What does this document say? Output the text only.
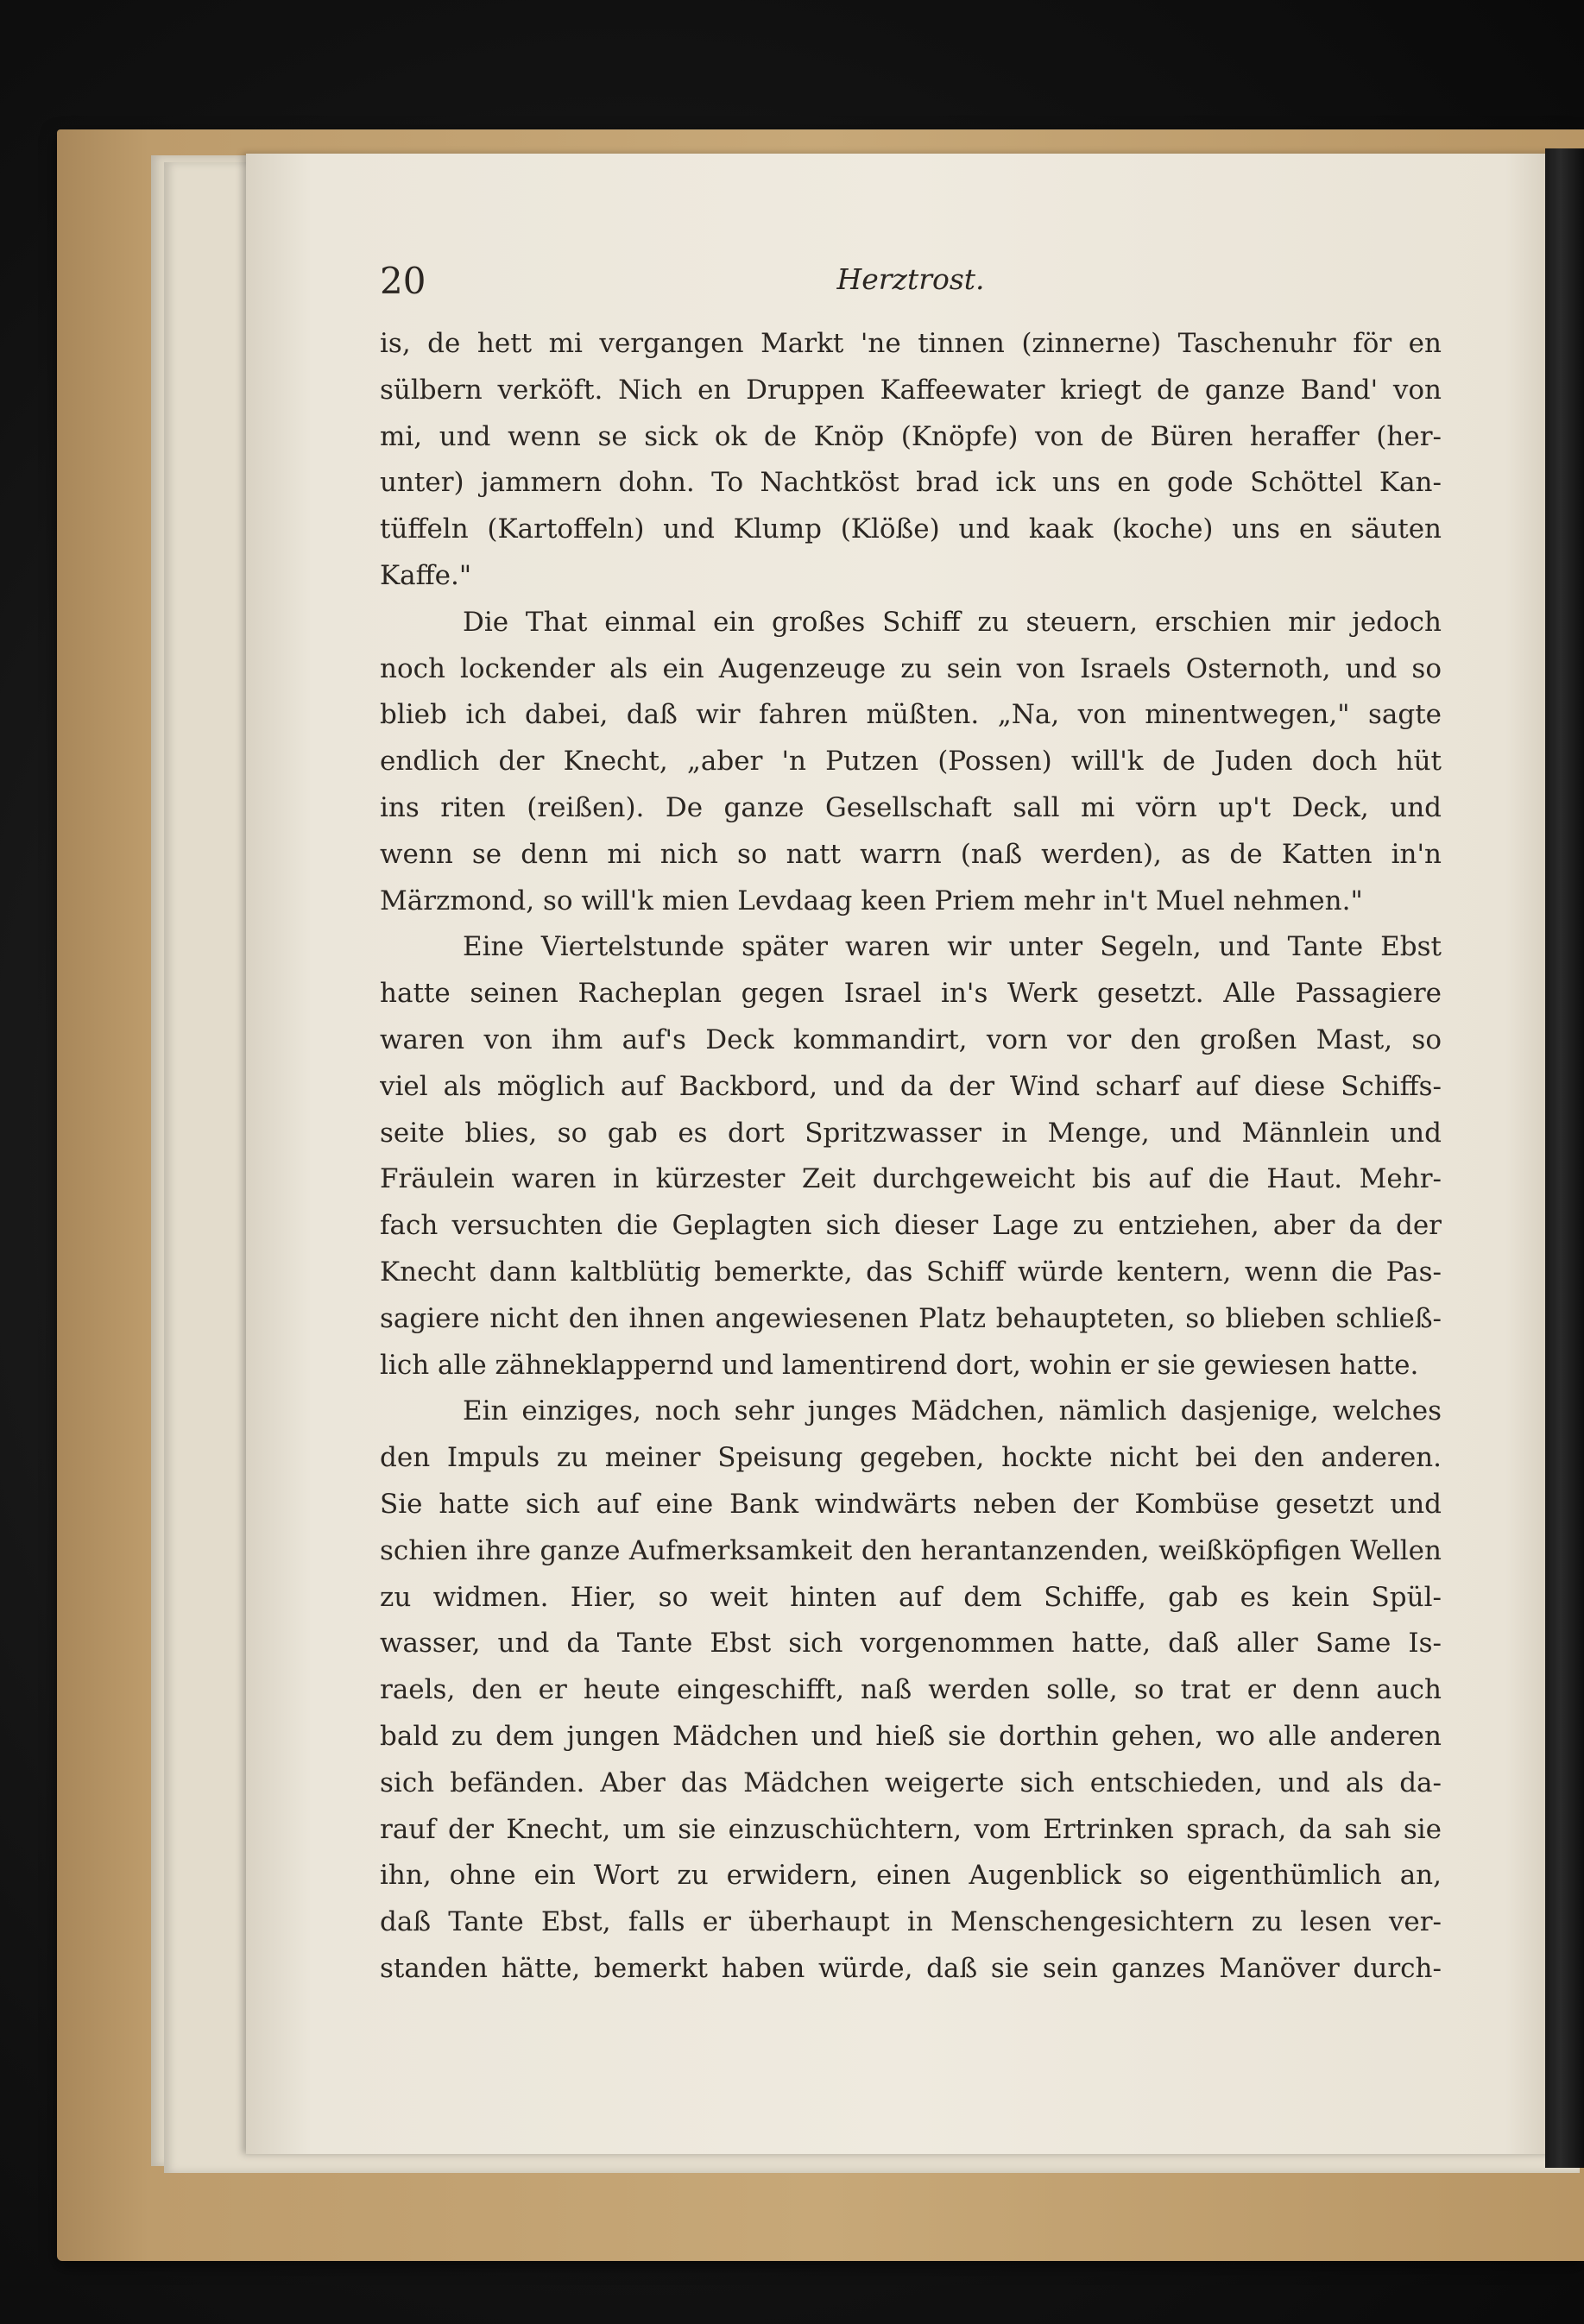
20	Herztrost.
is, de hett mi vergangen Markt 'ne tinnen (zinnerne) Taschenuhr för en
sülbern verköft. Nich en Druppen Kaffeewater kriegt de ganze Band' von
mi, und wenn se sick ok de Knöp (Knöpfe) von de Büren heraffer (her-
unter) jammern dohn. To Nachtköst brad ick uns en gode Schöttel Kan-
tüffeln (Kartoffeln) und Klump (Klöße) und kaak (koche) uns en säuten
Kaffe."
Die That einmal ein großes Schiff zu steuern, erschien mir jedoch
noch lockender als ein Augenzeuge zu sein von Israels Osternoth, und so
blieb ich dabei, daß wir fahren müßten. „Na, von minentwegen," sagte
endlich der Knecht, „aber 'n Putzen (Possen) will'k de Juden doch hüt
ins riten (reißen). De ganze Gesellschaft sall mi vörn up't Deck, und
wenn se denn mi nich so natt warrn (naß werden), as de Katten in'n
Märzmond, so will'k mien Levdaag keen Priem mehr in't Muel nehmen."
Eine Viertelstunde später waren wir unter Segeln, und Tante Ebst
hatte seinen Racheplan gegen Israel in's Werk gesetzt. Alle Passagiere
waren von ihm auf's Deck kommandirt, vorn vor den großen Mast, so
viel als möglich auf Backbord, und da der Wind scharf auf diese Schiffs-
seite blies, so gab es dort Spritzwasser in Menge, und Männlein und
Fräulein waren in kürzester Zeit durchgeweicht bis auf die Haut. Mehr-
fach versuchten die Geplagten sich dieser Lage zu entziehen, aber da der
Knecht dann kaltblütig bemerkte, das Schiff würde kentern, wenn die Pas-
sagiere nicht den ihnen angewiesenen Platz behaupteten, so blieben schließ-
lich alle zähneklappernd und lamentirend dort, wohin er sie gewiesen hatte.
Ein einziges, noch sehr junges Mädchen, nämlich dasjenige, welches
den Impuls zu meiner Speisung gegeben, hockte nicht bei den anderen.
Sie hatte sich auf eine Bank windwärts neben der Kombüse gesetzt und
schien ihre ganze Aufmerksamkeit den herantanzenden, weißköpfigen Wellen
zu widmen. Hier, so weit hinten auf dem Schiffe, gab es kein Spül-
wasser, und da Tante Ebst sich vorgenommen hatte, daß aller Same Is-
raels, den er heute eingeschifft, naß werden solle, so trat er denn auch
bald zu dem jungen Mädchen und hieß sie dorthin gehen, wo alle anderen
sich befänden. Aber das Mädchen weigerte sich entschieden, und als da-
rauf der Knecht, um sie einzuschüchtern, vom Ertrinken sprach, da sah sie
ihn, ohne ein Wort zu erwidern, einen Augenblick so eigenthümlich an,
daß Tante Ebst, falls er überhaupt in Menschengesichtern zu lesen ver-
standen hätte, bemerkt haben würde, daß sie sein ganzes Manöver durch-
